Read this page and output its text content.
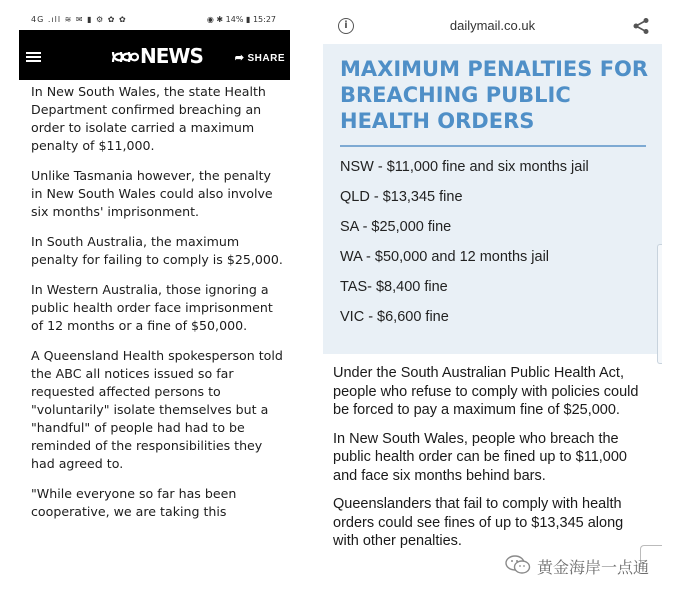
4G .ıll ≋ ✉ ▮ ⚙ ✿ ✿	◉ ✱ 14% ▮ 15:27
NEWS	➦ SHARE

In New South Wales, the state Health Department confirmed breaching an order to isolate carried a maximum penalty of $11,000.

Unlike Tasmania however, the penalty in New South Wales could also involve six months' imprisonment.

In South Australia, the maximum penalty for failing to comply is $25,000.

In Western Australia, those ignoring a public health order face imprisonment of 12 months or a fine of $50,000.

A Queensland Health spokesperson told the ABC all notices issued so far requested affected persons to "voluntarily" isolate themselves but a "handful" of people had had to be reminded of the responsibilities they had agreed to.

"While everyone so far has been cooperative, we are taking this

i	dailymail.co.uk
MAXIMUM PENALTIES FOR BREACHING PUBLIC HEALTH ORDERS
NSW - $11,000 fine and six months jail
QLD - $13,345 fine
SA - $25,000 fine
WA - $50,000 and 12 months jail
TAS- $8,400 fine
VIC - $6,600 fine

Under the South Australian Public Health Act, people who refuse to comply with policies could be forced to pay a maximum fine of $25,000.

In New South Wales, people who breach the public health order can be fined up to $11,000 and face six months behind bars.

Queenslanders that fail to comply with health orders could see fines of up to $13,345 along with other penalties.

黄金海岸一点通
